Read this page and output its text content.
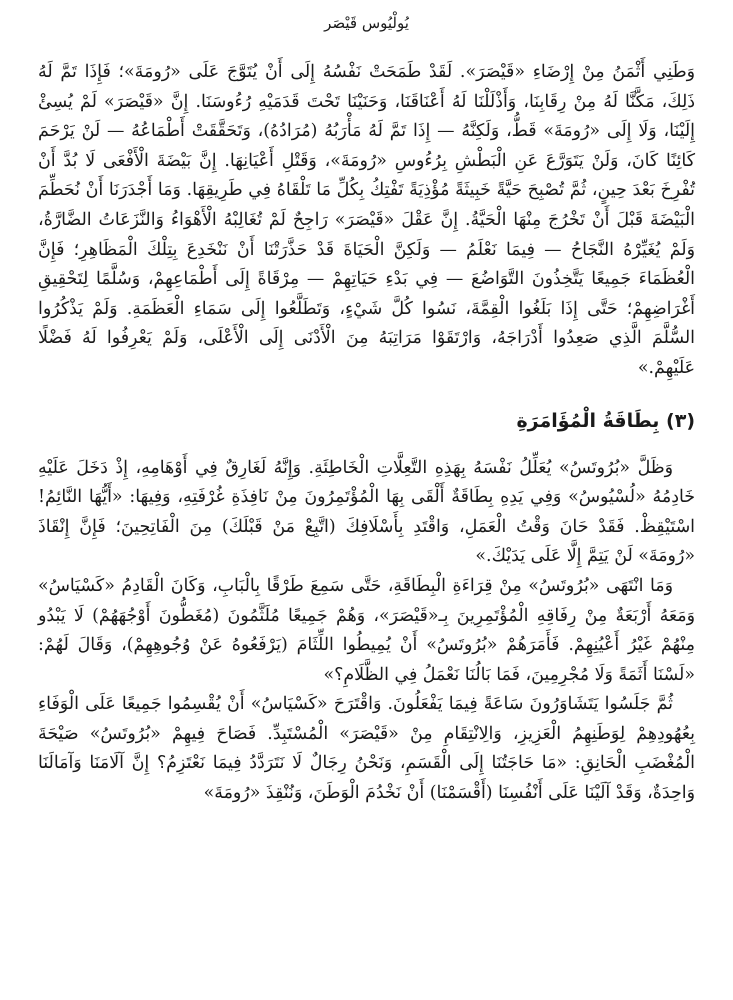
يُولْيُوس قَيْصَر

وَطَنِي أَثْمَنُ مِنْ إِرْضَاءِ «قَيْصَرَ». لَقَدْ طَمَحَتْ نَفْسُهُ إِلَى أَنْ يُتَوَّجَ عَلَى «رُومَةَ»؛ فَإِذَا تَمَّ لَهُ ذَلِكَ، مَكَّنَّا لَهُ مِنْ رِقَابِنَا، وَأَذْلَلْنَا لَهُ أَعْنَاقَنَا، وَحَنَيْنَا تَحْتَ قَدَمَيْهِ رُءُوسَنَا. إِنَّ «قَيْصَرَ» لَمْ يُسِئْ إِلَيْنَا، وَلَا إِلَى «رُومَةَ» قَطُّ، وَلَكِنَّهُ — إِذَا تَمَّ لَهُ مَأْرَبُهُ (مُرَادُهُ)، وَتَحَقَّقَتْ أَطْمَاعُهُ — لَنْ يَرْحَمَ كَائِنًا كَانَ، وَلَنْ يَتَوَرَّعَ عَنِ الْبَطْشِ بِرُءُوسِ «رُومَةَ»، وَقَتْلِ أَعْيَانِهَا. إِنَّ بَيْضَةَ الْأَفْعَى لَا بُدَّ أَنْ تُفْرِخَ بَعْدَ حِينٍ، ثُمَّ تُصْبِحَ حَيَّةً خَبِيثَةً مُؤْذِيَةً تَفْتِكُ بِكُلِّ مَا تَلْقَاهُ فِي طَرِيقِهَا. وَمَا أَجْدَرَنَا أَنْ نُحَطِّمَ الْبَيْضَةَ قَبْلَ أَنْ تَخْرُجَ مِنْهَا الْحَيَّةُ. إِنَّ عَقْلَ «قَيْصَرَ» رَاجِحٌ لَمْ تُغَالِبْهُ الْأَهْوَاءُ وَالنَّزَعَاتُ الضَّارَّةُ، وَلَمْ يُغَيِّرْهُ النَّجَاحُ — فِيمَا نَعْلَمُ — وَلَكِنَّ الْحَيَاةَ قَدْ حَذَّرَتْنَا أَنْ نَنْخَدِعَ بِتِلْكَ الْمَظَاهِرِ؛ فَإِنَّ الْعُظَمَاءَ جَمِيعًا يَتَّخِذُونَ التَّوَاضُعَ — فِي بَدْءِ حَيَاتِهِمْ — مِرْقَاةً إِلَى أَطْمَاعِهِمْ، وَسُلَّمًا لِتَحْقِيقِ أَغْرَاضِهِمْ؛ حَتَّى إِذَا بَلَغُوا الْقِمَّةَ، نَسُوا كُلَّ شَيْءٍ، وَتَطَلَّعُوا إِلَى سَمَاءِ الْعَظَمَةِ. وَلَمْ يَذْكُرُوا السُّلَّمَ الَّذِي صَعِدُوا أَدْرَاجَهُ، وَارْتَقَوْا مَرَاتِبَهُ مِنَ الْأَدْنَى إِلَى الْأَعْلَى، وَلَمْ يَعْرِفُوا لَهُ فَضْلًا عَلَيْهِمْ.»

(٣) بِطَاقَةُ الْمُؤَامَرَةِ

وَظَلَّ «بُرُوتَسُ» يُعَلِّلُ نَفْسَهُ بِهَذِهِ التَّعِلَّاتِ الْخَاطِئَةِ. وَإِنَّهُ لَغَارِقٌ فِي أَوْهَامِهِ، إِذْ دَخَلَ عَلَيْهِ خَادِمُهُ «لُسْيُوسُ» وَفِي يَدِهِ بِطَاقَةٌ أَلْقَى بِهَا الْمُؤْتَمِرُونَ مِنْ نَافِذَةِ غُرْفَتِهِ، وَفِيهَا: «أَيُّهَا النَّائِمُ! اسْتَيْقِظْ. فَقَدْ حَانَ وَقْتُ الْعَمَلِ، وَاقْتَدِ بِأَسْلَافِكَ (اتَّبِعْ مَنْ قَبْلَكَ) مِنَ الْفَاتِحِينَ؛ فَإِنَّ إِنْقَاذَ «رُومَةَ» لَنْ يَتِمَّ إِلَّا عَلَى يَدَيْكَ.»

وَمَا انْتَهَى «بُرُوتَسُ» مِنْ قِرَاءَةِ الْبِطَاقَةِ، حَتَّى سَمِعَ طَرْقًا بِالْبَابِ، وَكَانَ الْقَادِمُ «كَسْيَاسُ» وَمَعَهُ أَرْبَعَةٌ مِنْ رِفَاقِهِ الْمُؤْتَمِرِينَ بِـ«قَيْصَرَ»، وَهُمْ جَمِيعًا مُلَثَّمُونَ (مُغَطُّونَ أَوْجُهَهُمْ) لَا يَبْدُو مِنْهُمْ غَيْرُ أَعْيُنِهِمْ. فَأَمَرَهُمْ «بُرُوتَسُ» أَنْ يُمِيطُوا اللِّثَامَ (يَرْفَعُوهُ عَنْ وُجُوهِهِمْ)، وَقَالَ لَهُمْ: «لَسْنَا أَثَمَةً وَلَا مُجْرِمِينَ، فَمَا بَالُنَا نَعْمَلُ فِي الظَّلَامِ؟»

ثُمَّ جَلَسُوا يَتَشَاوَرُونَ سَاعَةً فِيمَا يَفْعَلُونَ. وَاقْتَرَحَ «كَسْيَاسُ» أَنْ يُقْسِمُوا جَمِيعًا عَلَى الْوَفَاءِ بِعُهُودِهِمْ لِوَطَنِهِمُ الْعَزِيزِ، وَالِانْتِقَامِ مِنْ «قَيْصَرَ» الْمُسْتَبِدِّ. فَصَاحَ فِيهِمْ «بُرُوتَسُ» صَيْحَةَ الْمُغْضَبِ الْحَانِقِ: «مَا حَاجَتُنَا إِلَى الْقَسَمِ، وَنَحْنُ رِجَالٌ لَا نَتَرَدَّدُ فِيمَا نَعْتَزِمُ؟ إِنَّ آلَامَنَا وَآمَالَنَا وَاحِدَةٌ، وَقَدْ آلَيْنَا عَلَى أَنْفُسِنَا (أَقْسَمْنَا) أَنْ نَخْدُمَ الْوَطَنَ، وَنُنْقِذَ «رُومَةَ»
